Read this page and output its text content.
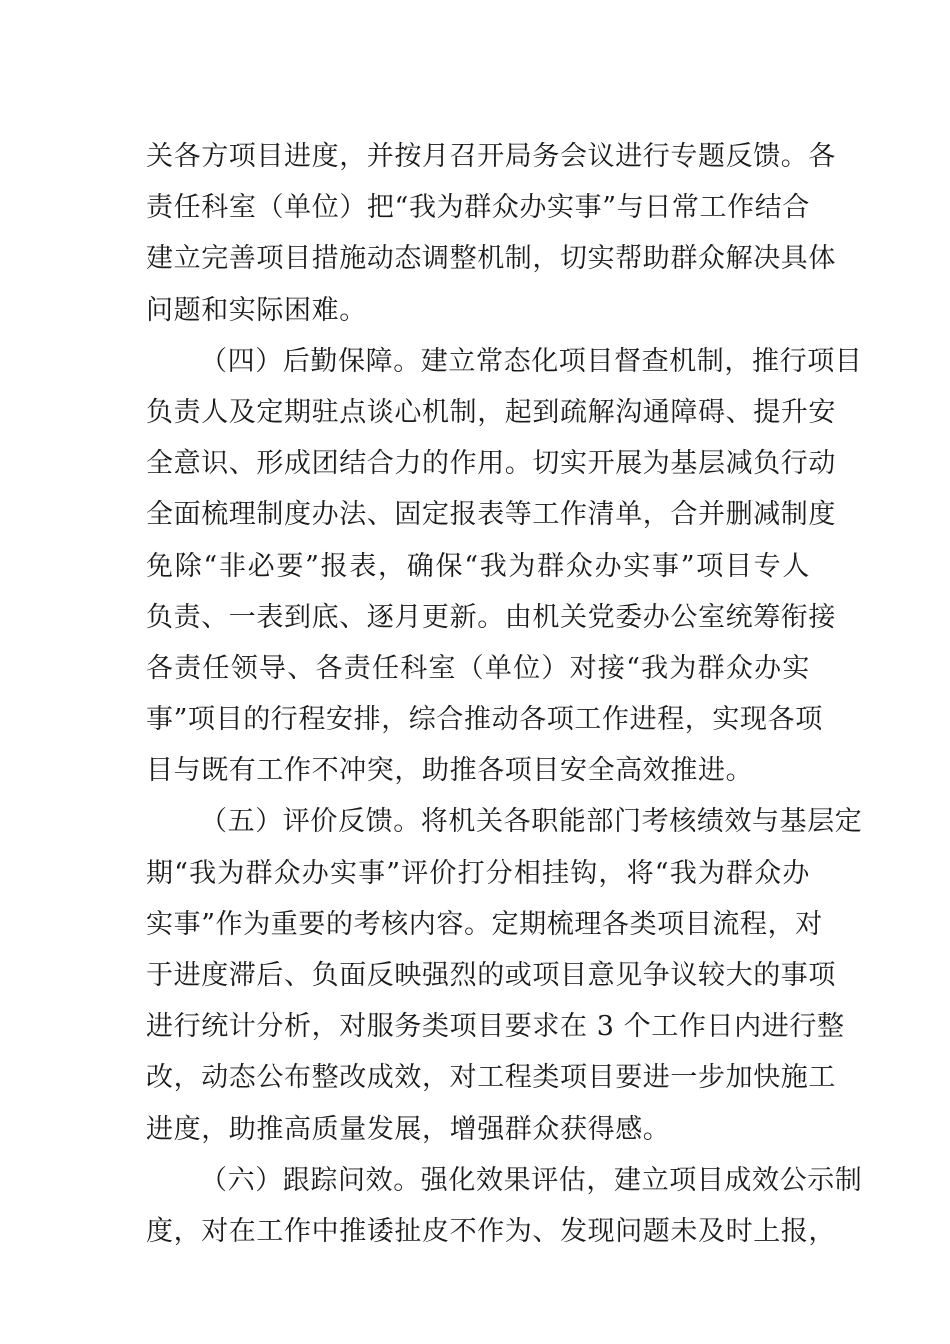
关各方项目进度，并按月召开局务会议进行专题反馈。各
责任科室（单位）把“我为群众办实事”与日常工作结合
建立完善项目措施动态调整机制，切实帮助群众解决具体
问题和实际困难。
（四）后勤保障。建立常态化项目督查机制，推行项目
负责人及定期驻点谈心机制，起到疏解沟通障碍、提升安
全意识、形成团结合力的作用。切实开展为基层减负行动
全面梳理制度办法、固定报表等工作清单，合并删减制度
免除“非必要”报表，确保“我为群众办实事”项目专人
负责、一表到底、逐月更新。由机关党委办公室统筹衔接
各责任领导、各责任科室（单位）对接“我为群众办实
事”项目的行程安排，综合推动各项工作进程，实现各项
目与既有工作不冲突，助推各项目安全高效推进。
（五）评价反馈。将机关各职能部门考核绩效与基层定
期“我为群众办实事”评价打分相挂钩，将“我为群众办
实事”作为重要的考核内容。定期梳理各类项目流程，对
于进度滞后、负面反映强烈的或项目意见争议较大的事项
进行统计分析，对服务类项目要求在 3 个工作日内进行整
改，动态公布整改成效，对工程类项目要进一步加快施工
进度，助推高质量发展，增强群众获得感。
（六）跟踪问效。强化效果评估，建立项目成效公示制
度，对在工作中推诿扯皮不作为、发现问题未及时上报，
